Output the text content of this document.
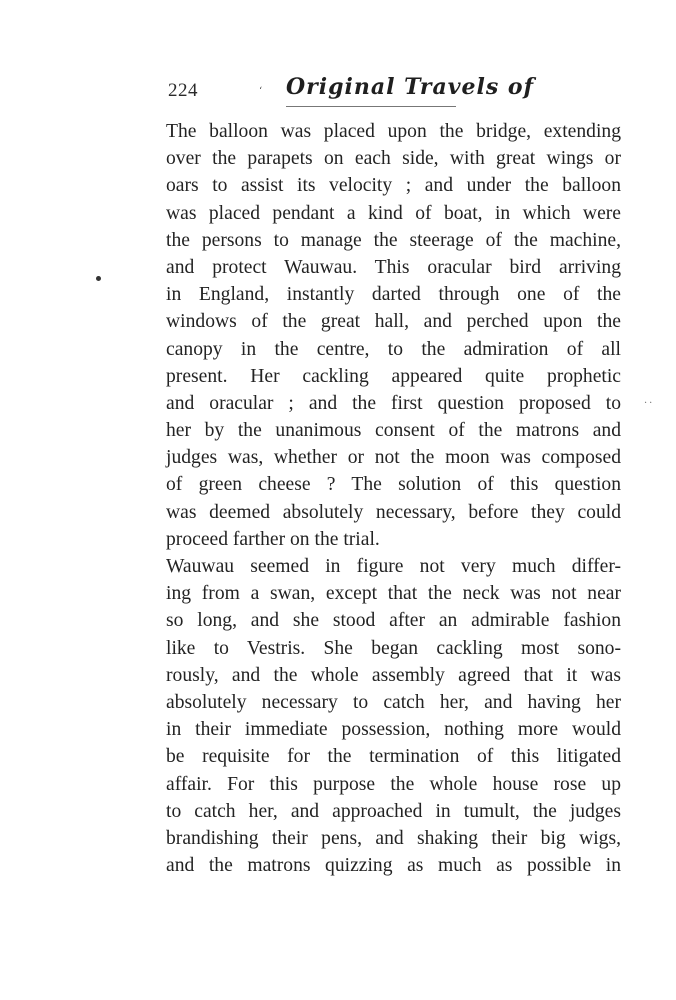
224	‘ Original Travels of
··
The balloon was placed upon the bridge, extending
over the parapets on each side, with great wings or
oars to assist its velocity ; and under the balloon
was placed pendant a kind of boat, in which were
the persons to manage the steerage of the machine,
and protect Wauwau. This oracular bird arriving
in England, instantly darted through one of the
windows of the great hall, and perched upon the
canopy in the centre, to the admiration of all
present. Her cackling appeared quite prophetic
and oracular ; and the first question proposed to
her by the unanimous consent of the matrons and
judges was, whether or not the moon was composed
of green cheese ? The solution of this question
was deemed absolutely necessary, before they could
proceed farther on the trial.
Wauwau seemed in figure not very much differ-
ing from a swan, except that the neck was not near
so long, and she stood after an admirable fashion
like to Vestris. She began cackling most sono-
rously, and the whole assembly agreed that it was
absolutely necessary to catch her, and having her
in their immediate possession, nothing more would
be requisite for the termination of this litigated
affair. For this purpose the whole house rose up
to catch her, and approached in tumult, the judges
brandishing their pens, and shaking their big wigs,
and the matrons quizzing as much as possible in
